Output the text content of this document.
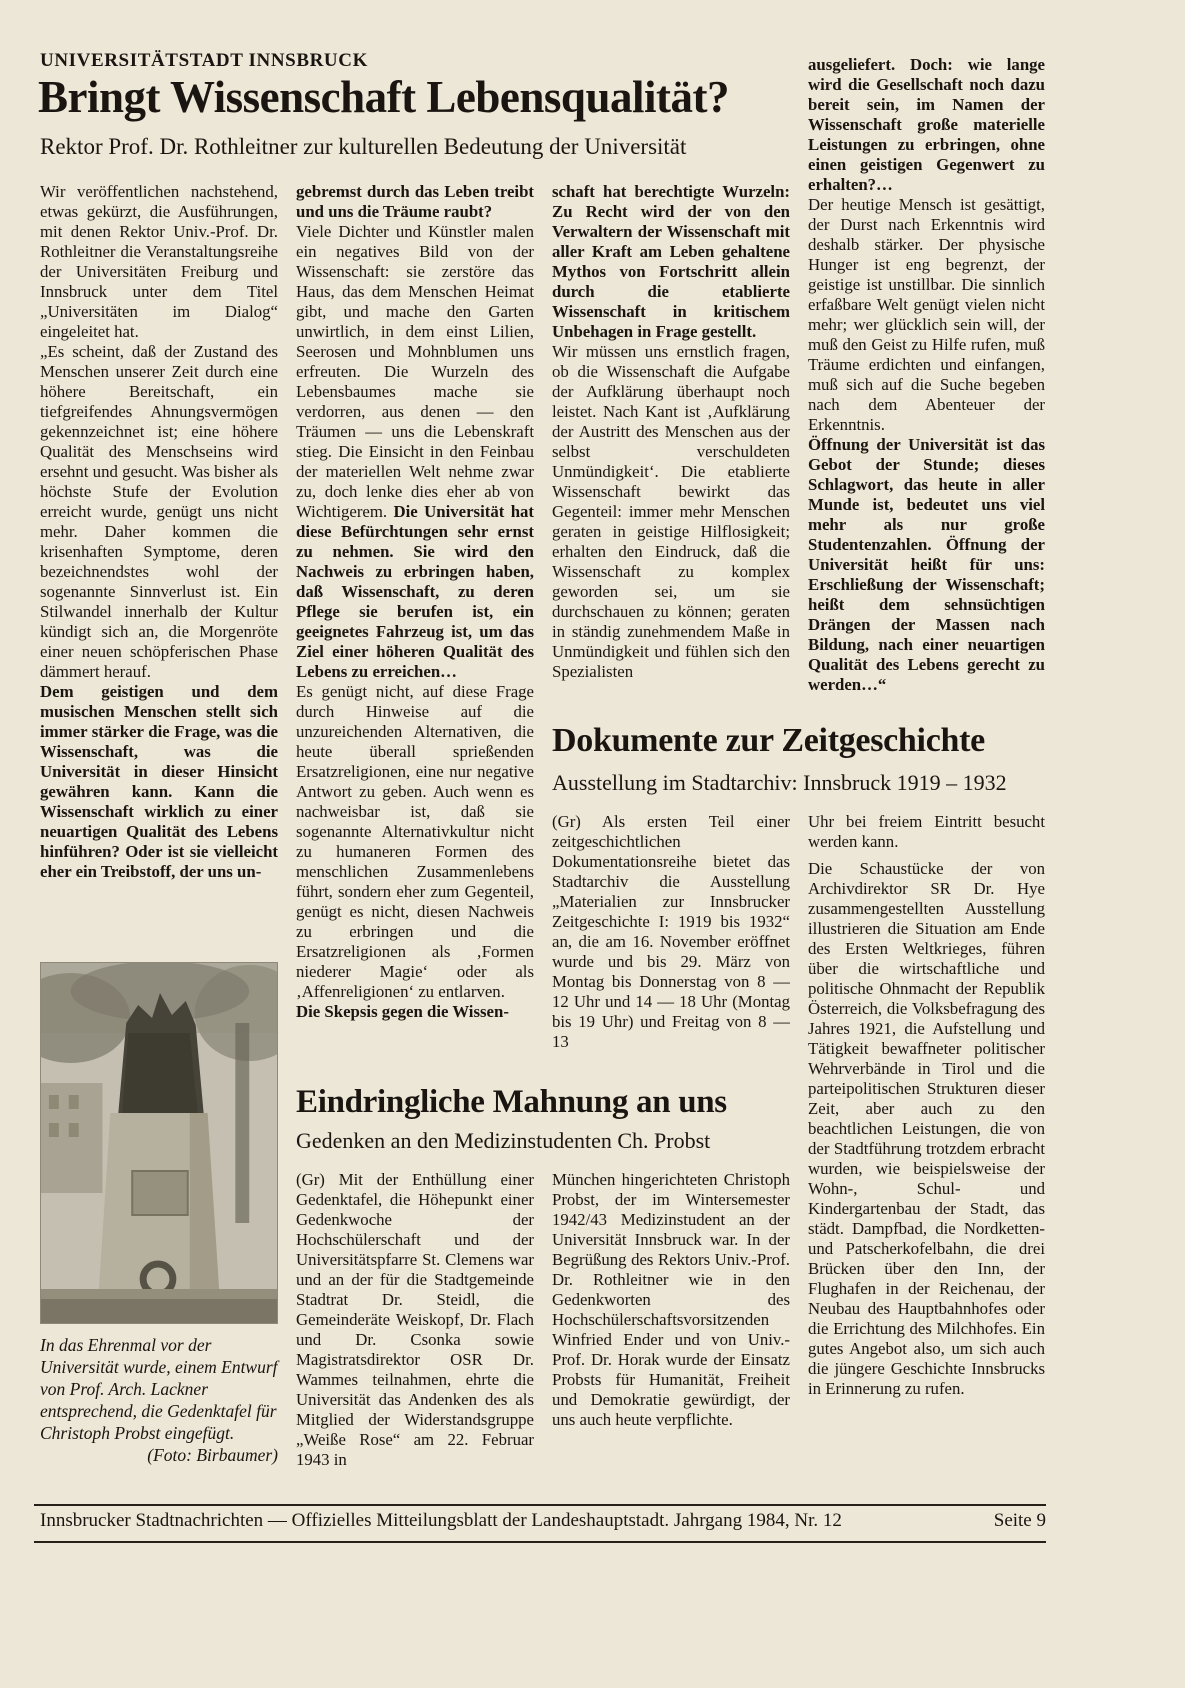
UNIVERSITÄTSTADT INNSBRUCK
Bringt Wissenschaft Lebensqualität?
Rektor Prof. Dr. Rothleitner zur kulturellen Bedeutung der Universität

Wir veröffentlichen nachstehend, etwas gekürzt, die Ausführungen, mit denen Rektor Univ.-Prof. Dr. Rothleitner die Veranstaltungsreihe der Universitäten Freiburg und Innsbruck unter dem Titel „Universitäten im Dialog“ eingeleitet hat.

„Es scheint, daß der Zustand des Menschen unserer Zeit durch eine höhere Bereitschaft, ein tiefgreifendes Ahnungsvermögen gekennzeichnet ist; eine höhere Qualität des Menschseins wird ersehnt und gesucht. Was bisher als höchste Stufe der Evolution erreicht wurde, genügt uns nicht mehr. Daher kommen die krisenhaften Symptome, deren bezeichnendstes wohl der sogenannte Sinnverlust ist. Ein Stilwandel innerhalb der Kultur kündigt sich an, die Morgenröte einer neuen schöpferischen Phase dämmert herauf.

Dem geistigen und dem musischen Menschen stellt sich immer stärker die Frage, was die Wissenschaft, was die Universität in dieser Hinsicht gewähren kann. Kann die Wissenschaft wirklich zu einer neuartigen Qualität des Lebens hinführen? Oder ist sie vielleicht eher ein Treibstoff, der uns un-

gebremst durch das Leben treibt und uns die Träume raubt?

Viele Dichter und Künstler malen ein negatives Bild von der Wissenschaft: sie zerstöre das Haus, das dem Menschen Heimat gibt, und mache den Garten unwirtlich, in dem einst Lilien, Seerosen und Mohnblumen uns erfreuten. Die Wurzeln des Lebensbaumes mache sie verdorren, aus denen — den Träumen — uns die Lebenskraft stieg. Die Einsicht in den Feinbau der materiellen Welt nehme zwar zu, doch lenke dies eher ab von Wichtigerem. Die Universität hat diese Befürchtungen sehr ernst zu nehmen. Sie wird den Nachweis zu erbringen haben, daß Wissenschaft, zu deren Pflege sie berufen ist, ein geeignetes Fahrzeug ist, um das Ziel einer höheren Qualität des Lebens zu erreichen…

Es genügt nicht, auf diese Frage durch Hinweise auf die unzureichenden Alternativen, die heute überall sprießenden Ersatzreligionen, eine nur negative Antwort zu geben. Auch wenn es nachweisbar ist, daß sie sogenannte Alternativkultur nicht zu humaneren Formen des menschlichen Zusammenlebens führt, sondern eher zum Gegenteil, genügt es nicht, diesen Nachweis zu erbringen und die Ersatzreligionen als ‚Formen niederer Magie‘ oder als ‚Affenreligionen‘ zu entlarven.

Die Skepsis gegen die Wissen-

schaft hat berechtigte Wurzeln: Zu Recht wird der von den Verwaltern der Wissenschaft mit aller Kraft am Leben gehaltene Mythos von Fortschritt allein durch die etablierte Wissenschaft in kritischem Unbehagen in Frage gestellt.

Wir müssen uns ernstlich fragen, ob die Wissenschaft die Aufgabe der Aufklärung überhaupt noch leistet. Nach Kant ist ‚Aufklärung der Austritt des Menschen aus der selbst verschuldeten Unmündigkeit‘. Die etablierte Wissenschaft bewirkt das Gegenteil: immer mehr Menschen geraten in geistige Hilflosigkeit; erhalten den Eindruck, daß die Wissenschaft zu komplex geworden sei, um sie durchschauen zu können; geraten in ständig zunehmendem Maße in Unmündigkeit und fühlen sich den Spezialisten

ausgeliefert. Doch: wie lange wird die Gesellschaft noch dazu bereit sein, im Namen der Wissenschaft große materielle Leistungen zu erbringen, ohne einen geistigen Gegenwert zu erhalten?…

Der heutige Mensch ist gesättigt, der Durst nach Erkenntnis wird deshalb stärker. Der physische Hunger ist eng begrenzt, der geistige ist unstillbar. Die sinnlich erfaßbare Welt genügt vielen nicht mehr; wer glücklich sein will, der muß den Geist zu Hilfe rufen, muß Träume erdichten und einfangen, muß sich auf die Suche begeben nach dem Abenteuer der Erkenntnis.

Öffnung der Universität ist das Gebot der Stunde; dieses Schlagwort, das heute in aller Munde ist, bedeutet uns viel mehr als nur große Studentenzahlen. Öffnung der Universität heißt für uns: Erschließung der Wissenschaft; heißt dem sehnsüchtigen Drängen der Massen nach Bildung, nach einer neuartigen Qualität des Lebens gerecht zu werden…“

In das Ehrenmal vor der Universität wurde, einem Entwurf von Prof. Arch. Lackner entsprechend, die Gedenktafel für Christoph Probst eingefügt.
(Foto: Birbaumer)
Dokumente zur Zeitgeschichte
Ausstellung im Stadtarchiv: Innsbruck 1919 – 1932

(Gr) Als ersten Teil einer zeitgeschichtlichen Dokumentationsreihe bietet das Stadtarchiv die Ausstellung „Materialien zur Innsbrucker Zeitgeschichte I: 1919 bis 1932“ an, die am 16. November eröffnet wurde und bis 29. März von Montag bis Donnerstag von 8 — 12 Uhr und 14 — 18 Uhr (Montag bis 19 Uhr) und Freitag von 8 — 13

Uhr bei freiem Eintritt besucht werden kann.

Die Schaustücke der von Archivdirektor SR Dr. Hye zusammengestellten Ausstellung illustrieren die Situation am Ende des Ersten Weltkrieges, führen über die wirtschaftliche und politische Ohnmacht der Republik Österreich, die Volksbefragung des Jahres 1921, die Aufstellung und Tätigkeit bewaffneter politischer Wehrverbände in Tirol und die parteipolitischen Strukturen dieser Zeit, aber auch zu den beachtlichen Leistungen, die von der Stadtführung trotzdem erbracht wurden, wie beispielsweise der Wohn-, Schul- und Kindergartenbau der Stadt, das städt. Dampfbad, die Nordketten- und Patscherkofelbahn, die drei Brücken über den Inn, der Flughafen in der Reichenau, der Neubau des Hauptbahnhofes oder die Errichtung des Milchhofes. Ein gutes Angebot also, um sich auch die jüngere Geschichte Innsbrucks in Erinnerung zu rufen.

Eindringliche Mahnung an uns
Gedenken an den Medizinstudenten Ch. Probst

(Gr) Mit der Enthüllung einer Gedenktafel, die Höhepunkt einer Gedenkwoche der Hochschülerschaft und der Universitätspfarre St. Clemens war und an der für die Stadtgemeinde Stadtrat Dr. Steidl, die Gemeinderäte Weiskopf, Dr. Flach und Dr. Csonka sowie Magistratsdirektor OSR Dr. Wammes teilnahmen, ehrte die Universität das Andenken des als Mitglied der Widerstandsgruppe „Weiße Rose“ am 22. Februar 1943 in

München hingerichteten Christoph Probst, der im Wintersemester 1942/43 Medizinstudent an der Universität Innsbruck war. In der Begrüßung des Rektors Univ.-Prof. Dr. Rothleitner wie in den Gedenkworten des Hochschülerschaftsvorsitzenden Winfried Ender und von Univ.-Prof. Dr. Horak wurde der Einsatz Probsts für Humanität, Freiheit und Demokratie gewürdigt, der uns auch heute verpflichte.

Innsbrucker Stadtnachrichten — Offizielles Mitteilungsblatt der Landeshauptstadt. Jahrgang 1984, Nr. 12	Seite 9
